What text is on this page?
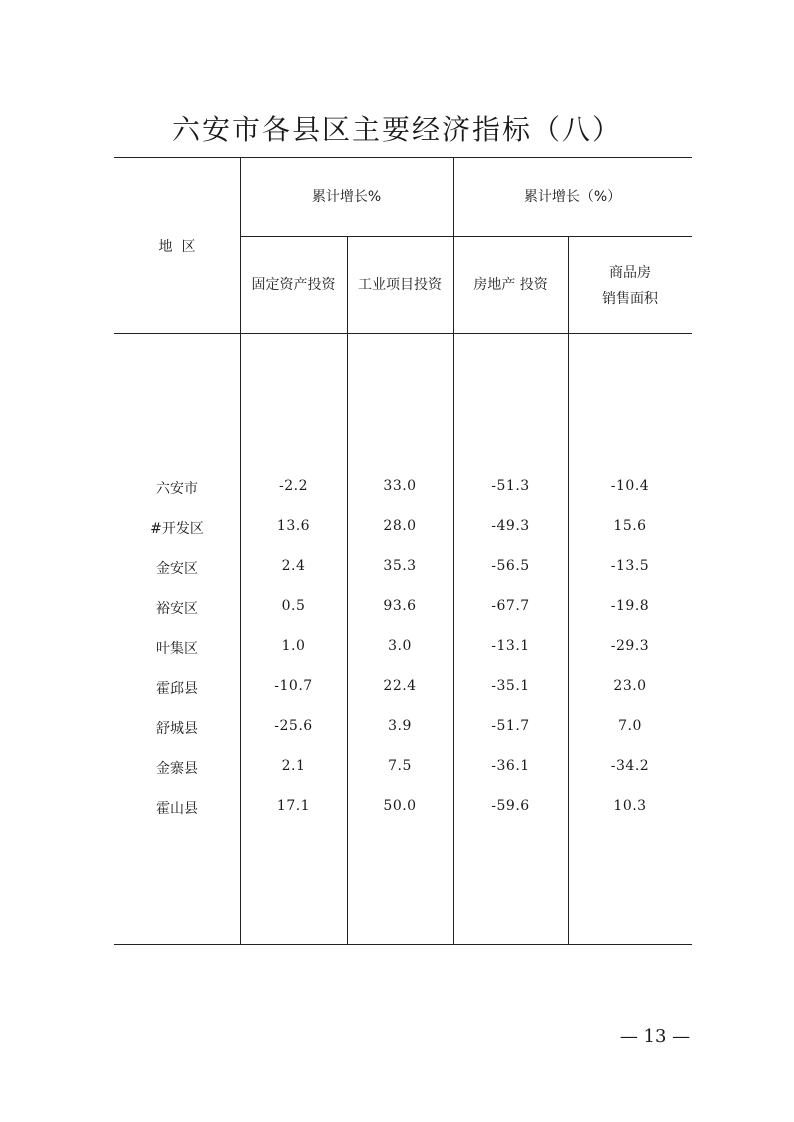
六安市各县区主要经济指标（八）
地  区
累计增长%	累计增长（%）
固定资产投资	工业项目投资	房地产 投资
商品房
销售面积
六安市	-2.2	33.0	-51.3	-10.4
#开发区	13.6	28.0	-49.3	15.6
金安区	2.4	35.3	-56.5	-13.5
裕安区	0.5	93.6	-67.7	-19.8
叶集区	1.0	3.0	-13.1	-29.3
霍邱县	-10.7	22.4	-35.1	23.0
舒城县	-25.6	3.9	-51.7	7.0
金寨县	2.1	7.5	-36.1	-34.2
霍山县	17.1	50.0	-59.6	10.3
— 13 —
